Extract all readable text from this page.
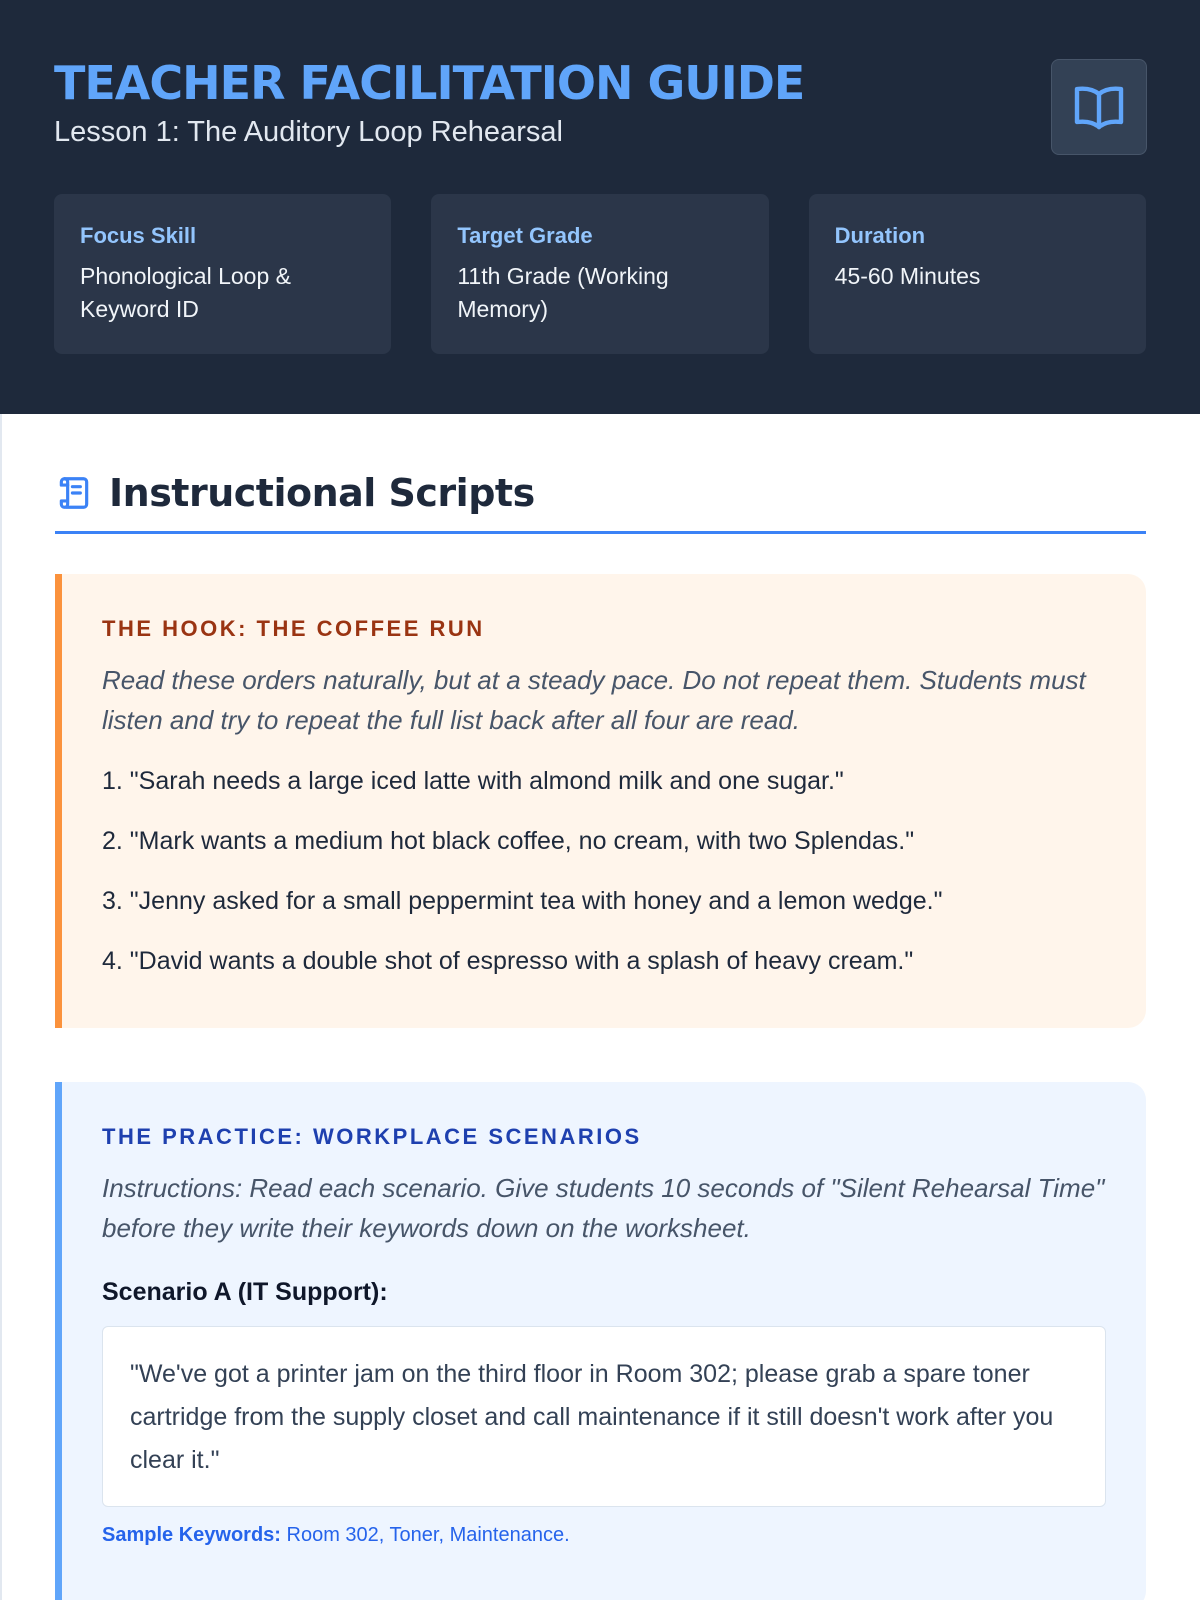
TEACHER FACILITATION GUIDE
Lesson 1: The Auditory Loop Rehearsal
Focus Skill
Phonological Loop & Keyword ID
Target Grade
11th Grade (Working Memory)
Duration
45-60 Minutes
Instructional Scripts
THE HOOK: THE COFFEE RUN

Read these orders naturally, but at a steady pace. Do not repeat them. Students must listen and try to repeat the full list back after all four are read.

1. "Sarah needs a large iced latte with almond milk and one sugar."
2. "Mark wants a medium hot black coffee, no cream, with two Splendas."
3. "Jenny asked for a small peppermint tea with honey and a lemon wedge."
4. "David wants a double shot of espresso with a splash of heavy cream."
THE PRACTICE: WORKPLACE SCENARIOS

Instructions: Read each scenario. Give students 10 seconds of "Silent Rehearsal Time" before they write their keywords down on the worksheet.

Scenario A (IT Support):
"We've got a printer jam on the third floor in Room 302; please grab a spare toner cartridge from the supply closet and call maintenance if it still doesn't work after you clear it."
Sample Keywords: Room 302, Toner, Maintenance.
